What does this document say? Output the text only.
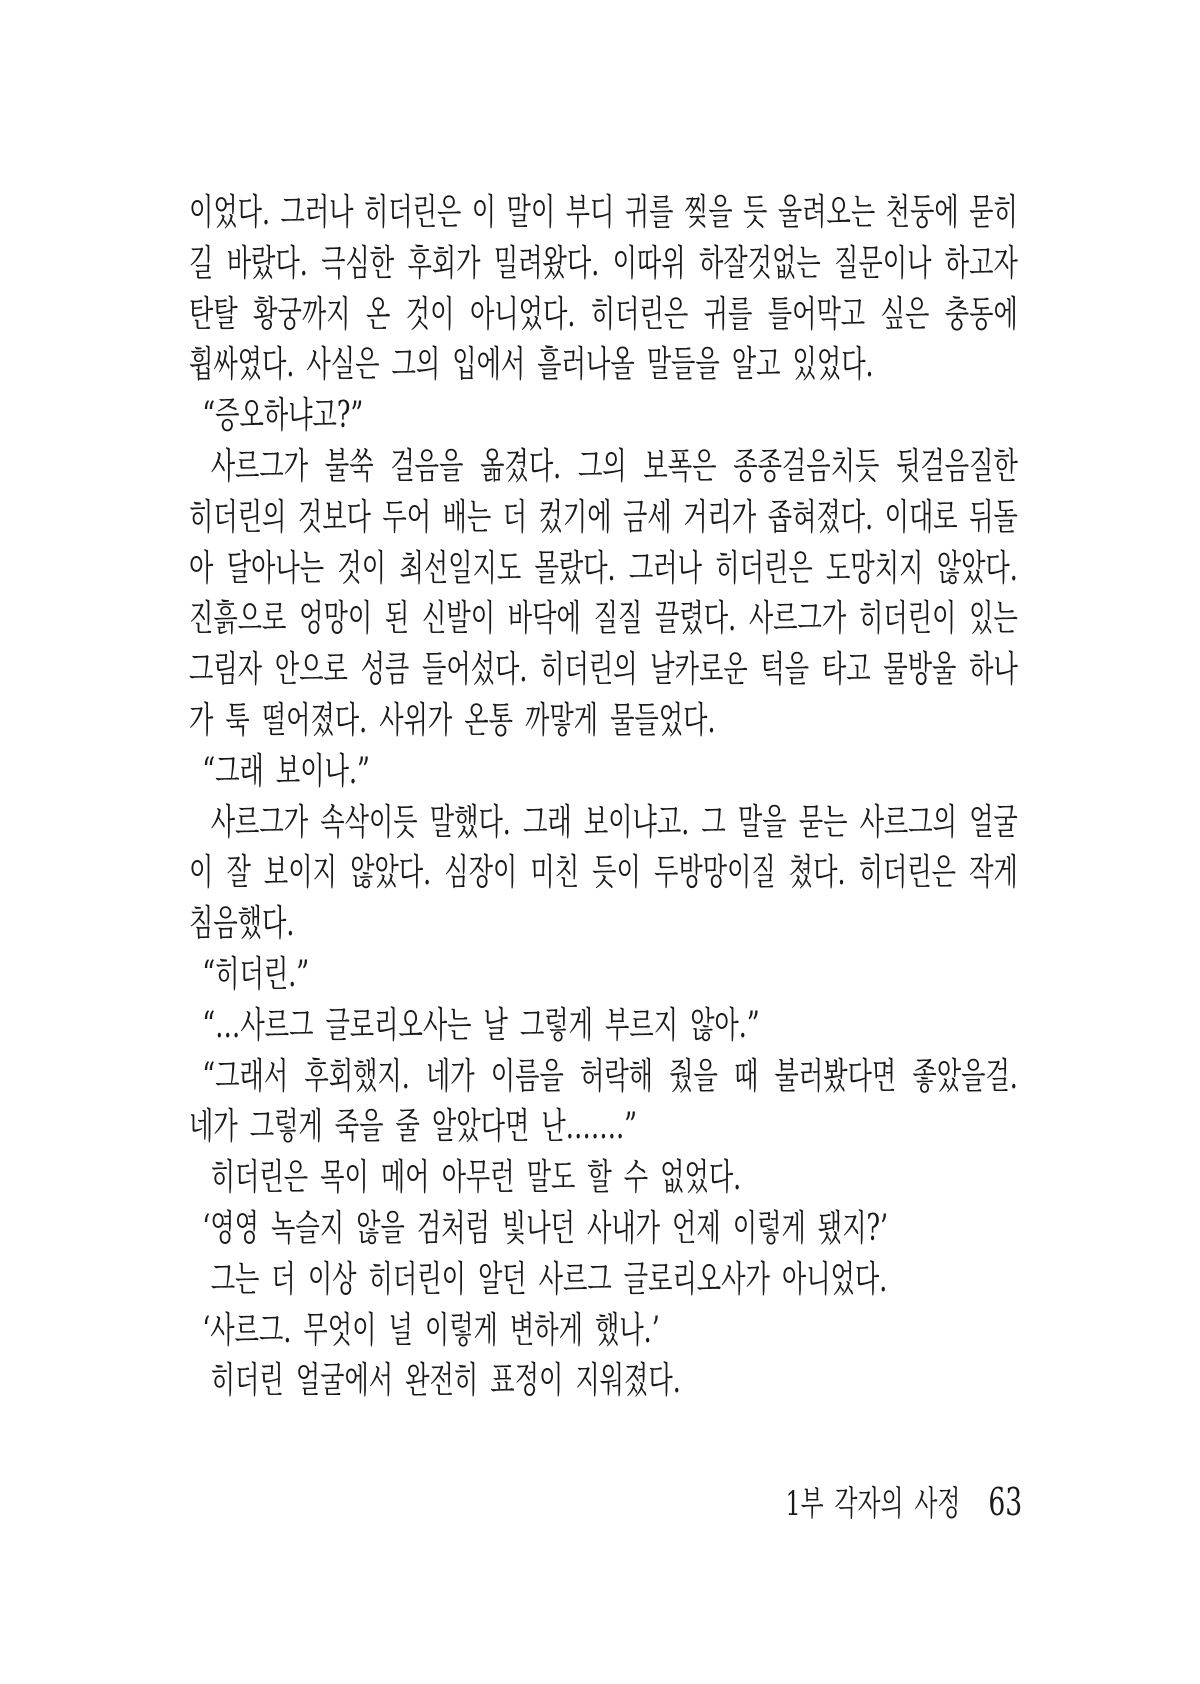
이었다. 그러나 히더린은 이 말이 부디 귀를 찢을 듯 울려오는 천둥에 묻히

길 바랐다. 극심한 후회가 밀려왔다. 이따위 하잘것없는 질문이나 하고자

탄탈 황궁까지 온 것이 아니었다. 히더린은 귀를 틀어막고 싶은 충동에

휩싸였다. 사실은 그의 입에서 흘러나올 말들을 알고 있었다.

“증오하냐고?”

사르그가 불쑥 걸음을 옮겼다. 그의 보폭은 종종걸음치듯 뒷걸음질한

히더린의 것보다 두어 배는 더 컸기에 금세 거리가 좁혀졌다. 이대로 뒤돌

아 달아나는 것이 최선일지도 몰랐다. 그러나 히더린은 도망치지 않았다.

진흙으로 엉망이 된 신발이 바닥에 질질 끌렸다. 사르그가 히더린이 있는

그림자 안으로 성큼 들어섰다. 히더린의 날카로운 턱을 타고 물방울 하나

가 툭 떨어졌다. 사위가 온통 까맣게 물들었다.

“그래 보이나.”

사르그가 속삭이듯 말했다. 그래 보이냐고. 그 말을 묻는 사르그의 얼굴

이 잘 보이지 않았다. 심장이 미친 듯이 두방망이질 쳤다. 히더린은 작게

침음했다.

“히더린.”

“…사르그 글로리오사는 날 그렇게 부르지 않아.”

“그래서 후회했지. 네가 이름을 허락해 줬을 때 불러봤다면 좋았을걸.

네가 그렇게 죽을 줄 알았다면 난…….”

히더린은 목이 메어 아무런 말도 할 수 없었다.

‘영영 녹슬지 않을 검처럼 빛나던 사내가 언제 이렇게 됐지?’

그는 더 이상 히더린이 알던 사르그 글로리오사가 아니었다.

‘사르그. 무엇이 널 이렇게 변하게 했나.’

히더린 얼굴에서 완전히 표정이 지워졌다.

1부 각자의 사정 63
